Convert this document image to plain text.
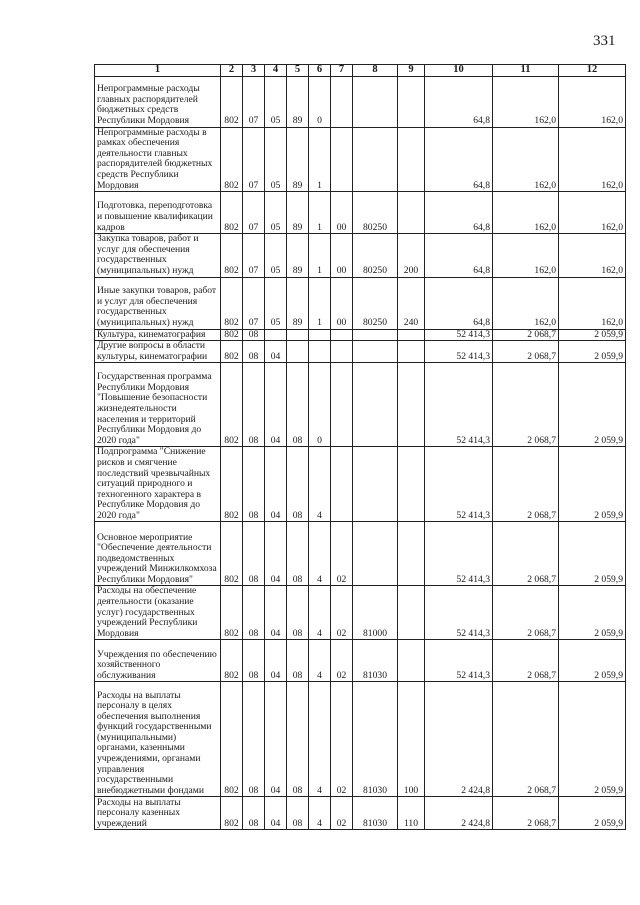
331
1	2	3	4	5	6	7	8	9	10	11	12
Непрограммные расходы главных распорядителей бюджетных средств Республики Мордовия	802	07	05	89	0				64,8	162,0	162,0
Непрограммные расходы в рамках обеспечения деятельности главных распорядителей бюджетных средств Республики Мордовия	802	07	05	89	1				64,8	162,0	162,0
Подготовка, переподготовка и повышение квалификации кадров	802	07	05	89	1	00	80250		64,8	162,0	162,0
Закупка товаров, работ и услуг для обеспечения государственных (муниципальных) нужд	802	07	05	89	1	00	80250	200	64,8	162,0	162,0
Иные закупки товаров, работ и услуг для обеспечения государственных (муниципальных) нужд	802	07	05	89	1	00	80250	240	64,8	162,0	162,0
Культура, кинематография	802	08							52 414,3	2 068,7	2 059,9
Другие вопросы в области культуры, кинематографии	802	08	04						52 414,3	2 068,7	2 059,9
Государственная программа Республики Мордовия "Повышение безопасности жизнедеятельности населения и территорий Республики Мордовия до 2020 года"	802	08	04	08	0				52 414,3	2 068,7	2 059,9
Подпрограмма "Снижение рисков и смягчение последствий чрезвычайных ситуаций природного и техногенного характера в Республике Мордовия до 2020 года"	802	08	04	08	4				52 414,3	2 068,7	2 059,9
Основное мероприятие "Обеспечение деятельности подведомственных учреждений Минжилкомхоза Республики Мордовия"	802	08	04	08	4	02			52 414,3	2 068,7	2 059,9
Расходы на обеспечение деятельности (оказание услуг) государственных учреждений Республики Мордовия	802	08	04	08	4	02	81000		52 414,3	2 068,7	2 059,9
Учреждения по обеспечению хозяйственного обслуживания	802	08	04	08	4	02	81030		52 414,3	2 068,7	2 059,9
Расходы на выплаты персоналу в целях обеспечения выполнения функций государственными (муниципальными) органами, казенными учреждениями, органами управления государственными внебюджетными фондами	802	08	04	08	4	02	81030	100	2 424,8	2 068,7	2 059,9
Расходы на выплаты персоналу казенных учреждений	802	08	04	08	4	02	81030	110	2 424,8	2 068,7	2 059,9
